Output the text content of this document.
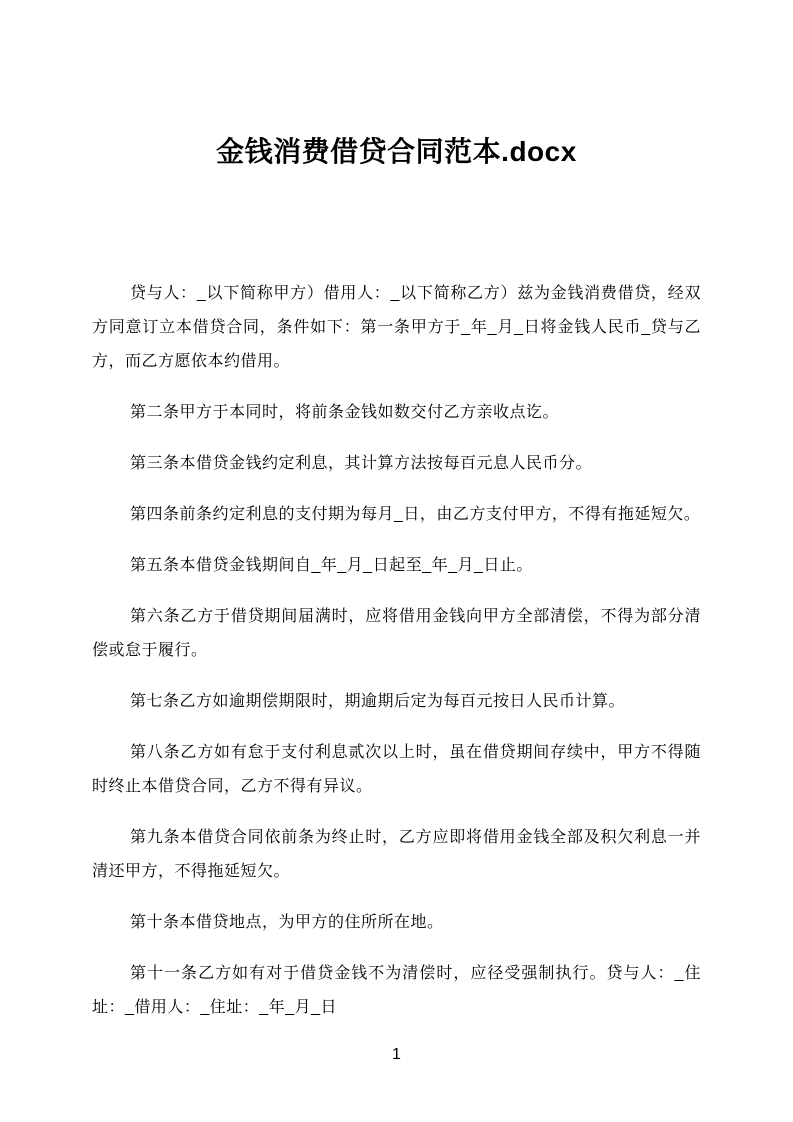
金钱消费借贷合同范本.docx

贷与人：_以下简称甲方）借用人：_以下简称乙方）兹为金钱消费借贷，经双方同意订立本借贷合同，条件如下：第一条甲方于_年_月_日将金钱人民币_贷与乙方，而乙方愿依本约借用。

第二条甲方于本同时，将前条金钱如数交付乙方亲收点讫。

第三条本借贷金钱约定利息，其计算方法按每百元息人民币分。

第四条前条约定利息的支付期为每月_日，由乙方支付甲方，不得有拖延短欠。

第五条本借贷金钱期间自_年_月_日起至_年_月_日止。

第六条乙方于借贷期间届满时，应将借用金钱向甲方全部清偿，不得为部分清偿或怠于履行。

第七条乙方如逾期偿期限时，期逾期后定为每百元按日人民币计算。

第八条乙方如有怠于支付利息贰次以上时，虽在借贷期间存续中，甲方不得随时终止本借贷合同，乙方不得有异议。

第九条本借贷合同依前条为终止时，乙方应即将借用金钱全部及积欠利息一并清还甲方，不得拖延短欠。

第十条本借贷地点，为甲方的住所所在地。

第十一条乙方如有对于借贷金钱不为清偿时，应径受强制执行。贷与人：_住址：_借用人：_住址：_年_月_日

1
